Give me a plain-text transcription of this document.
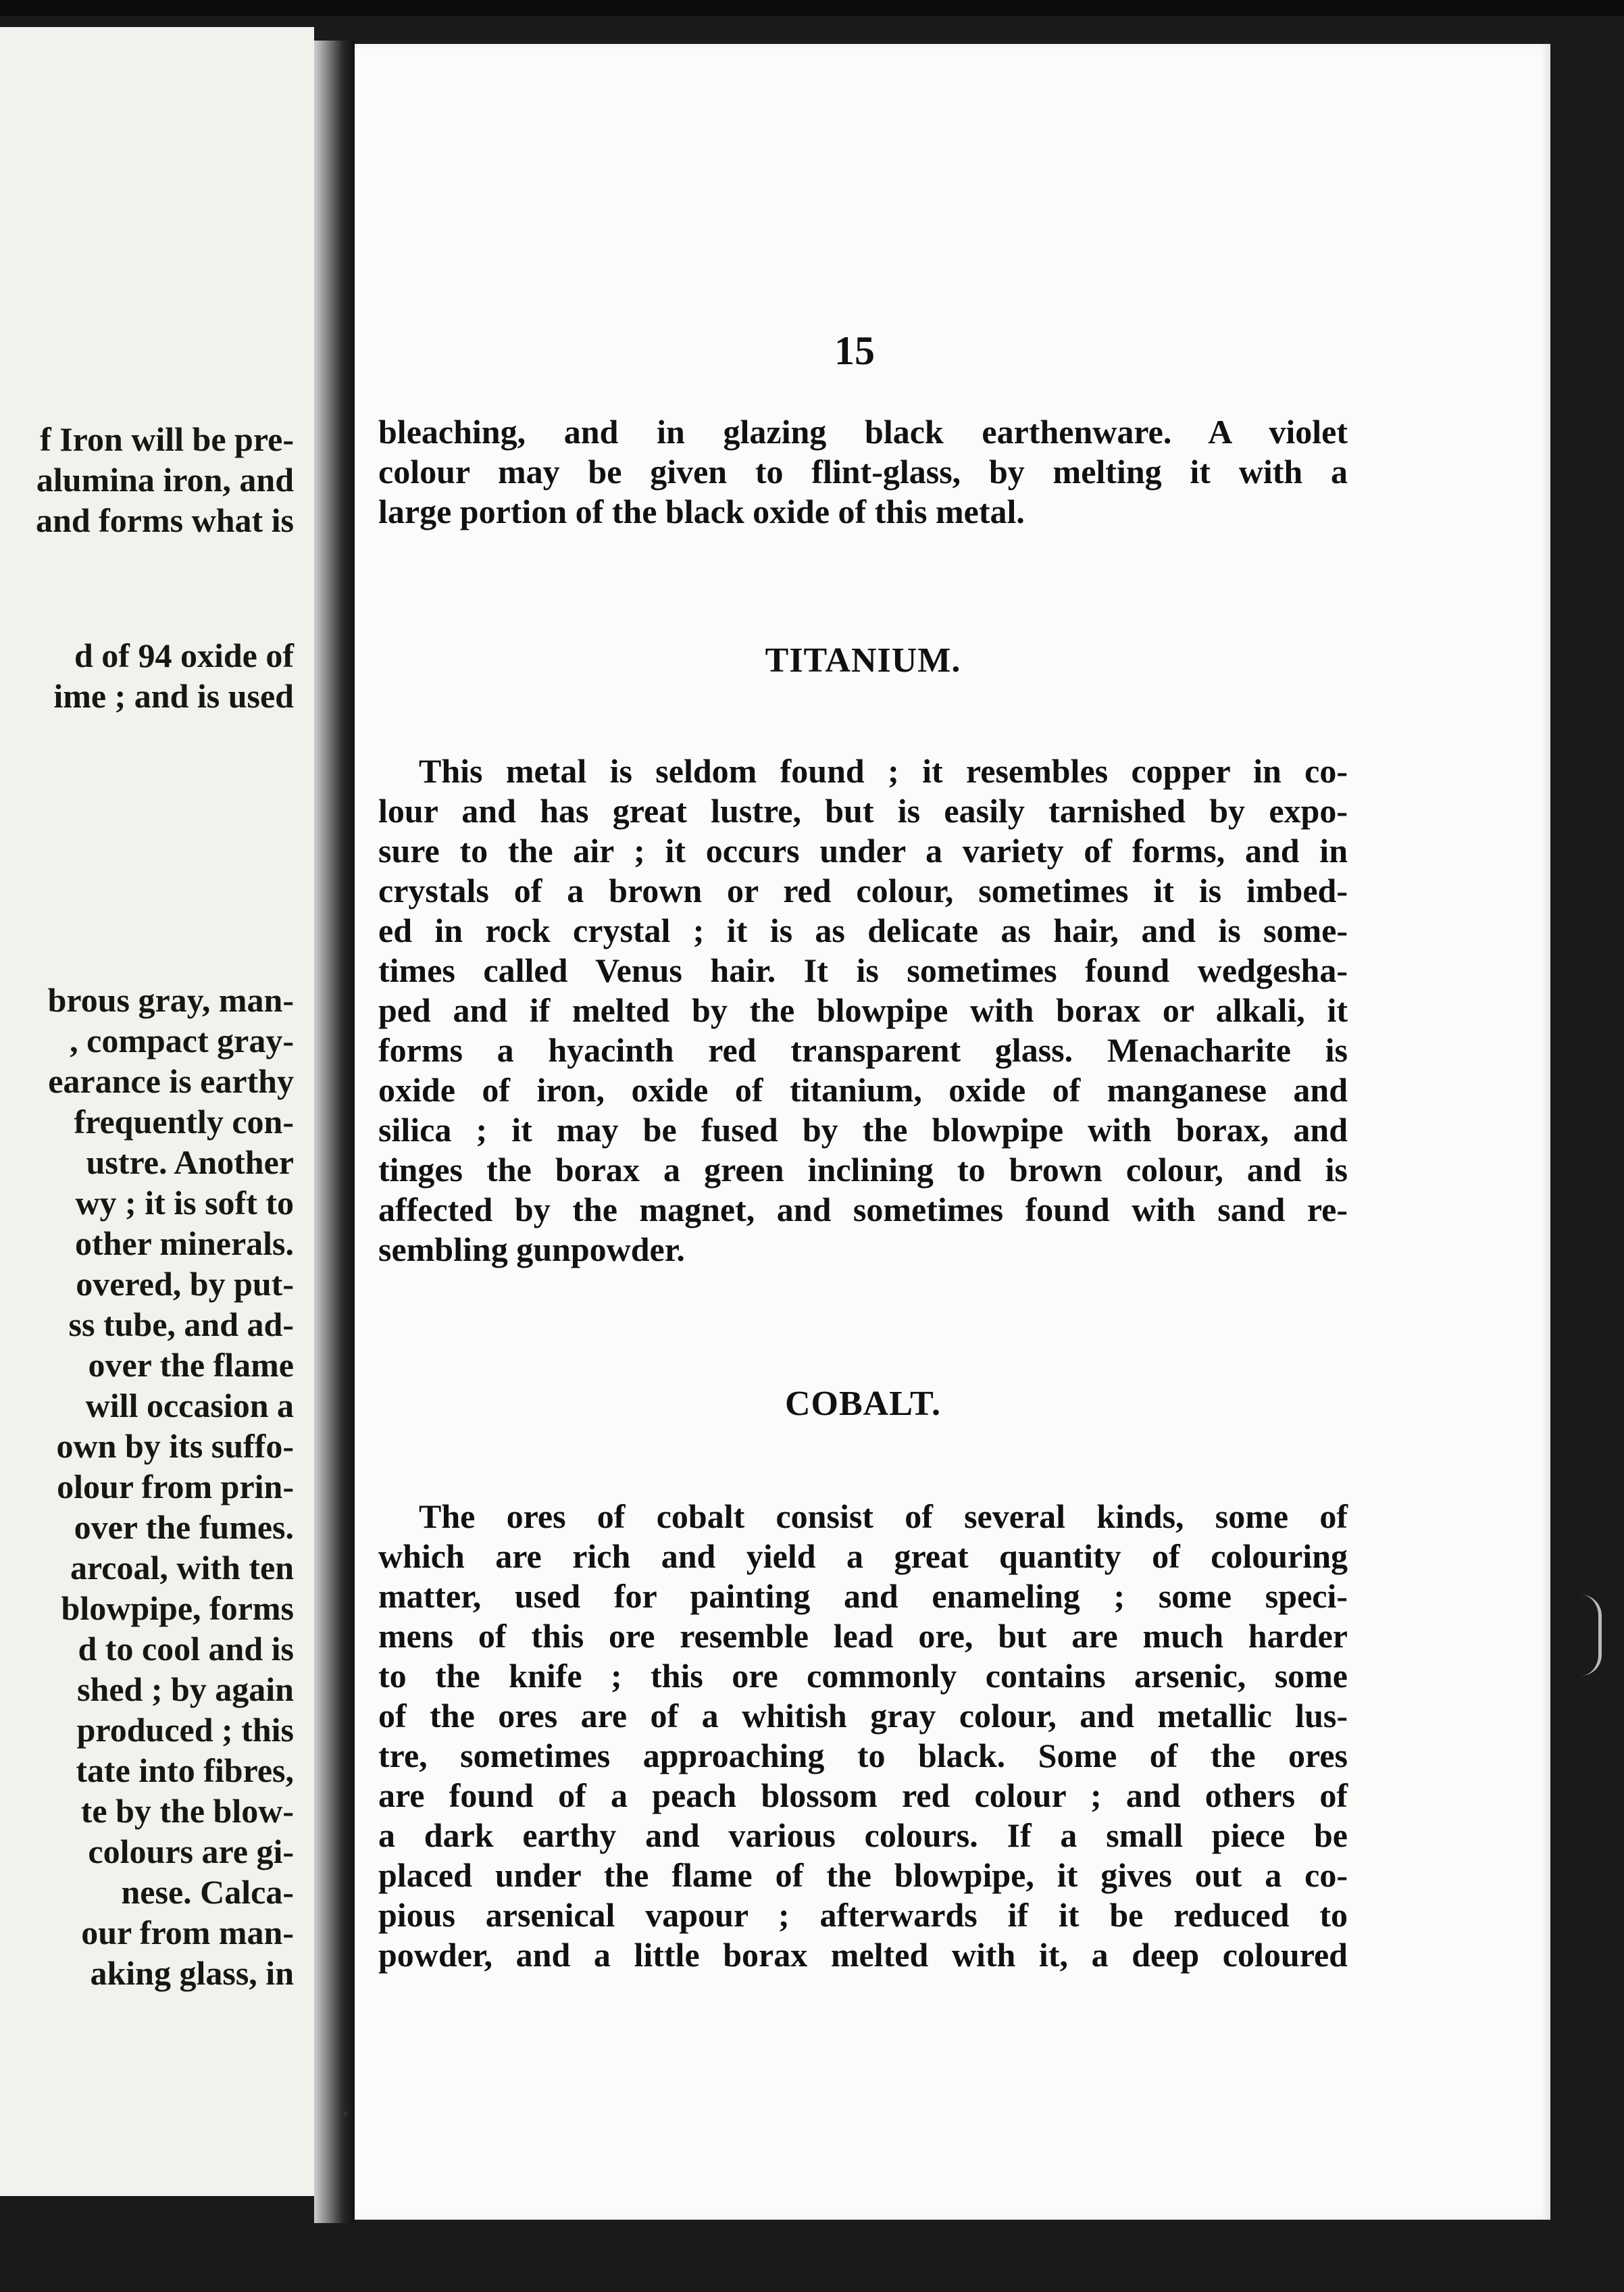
f Iron will be pre-
alumina iron, and
and forms what is
d of 94 oxide of
ime ; and is used
brous gray, man-
, compact gray-
earance is earthy
frequently con-
ustre. Another
wy ; it is soft to
other minerals.
overed, by put-
ss tube, and ad-
over the flame
will occasion a
own by its suffo-
olour from prin-
over the fumes.
arcoal, with ten
blowpipe, forms
d to cool and is
shed ; by again
produced ; this
tate into fibres,
te by the blow-
colours are gi-
nese. Calca-
our from man-
aking glass, in
15
bleaching, and in glazing black earthenware. A violet
colour may be given to flint-glass, by melting it with a
large portion of the black oxide of this metal.
TITANIUM.
This metal is seldom found ; it resembles copper in co-
lour and has great lustre, but is easily tarnished by expo-
sure to the air ; it occurs under a variety of forms, and in
crystals of a brown or red colour, sometimes it is imbed-
ed in rock crystal ; it is as delicate as hair, and is some-
times called Venus hair. It is sometimes found wedgesha-
ped and if melted by the blowpipe with borax or alkali, it
forms a hyacinth red transparent glass. Menacharite is
oxide of iron, oxide of titanium, oxide of manganese and
silica ; it may be fused by the blowpipe with borax, and
tinges the borax a green inclining to brown colour, and is
affected by the magnet, and sometimes found with sand re-
sembling gunpowder.
COBALT.
The ores of cobalt consist of several kinds, some of
which are rich and yield a great quantity of colouring
matter, used for painting and enameling ; some speci-
mens of this ore resemble lead ore, but are much harder
to the knife ; this ore commonly contains arsenic, some
of the ores are of a whitish gray colour, and metallic lus-
tre, sometimes approaching to black. Some of the ores
are found of a peach blossom red colour ; and others of
a dark earthy and various colours. If a small piece be
placed under the flame of the blowpipe, it gives out a co-
pious arsenical vapour ; afterwards if it be reduced to
powder, and a little borax melted with it, a deep coloured
